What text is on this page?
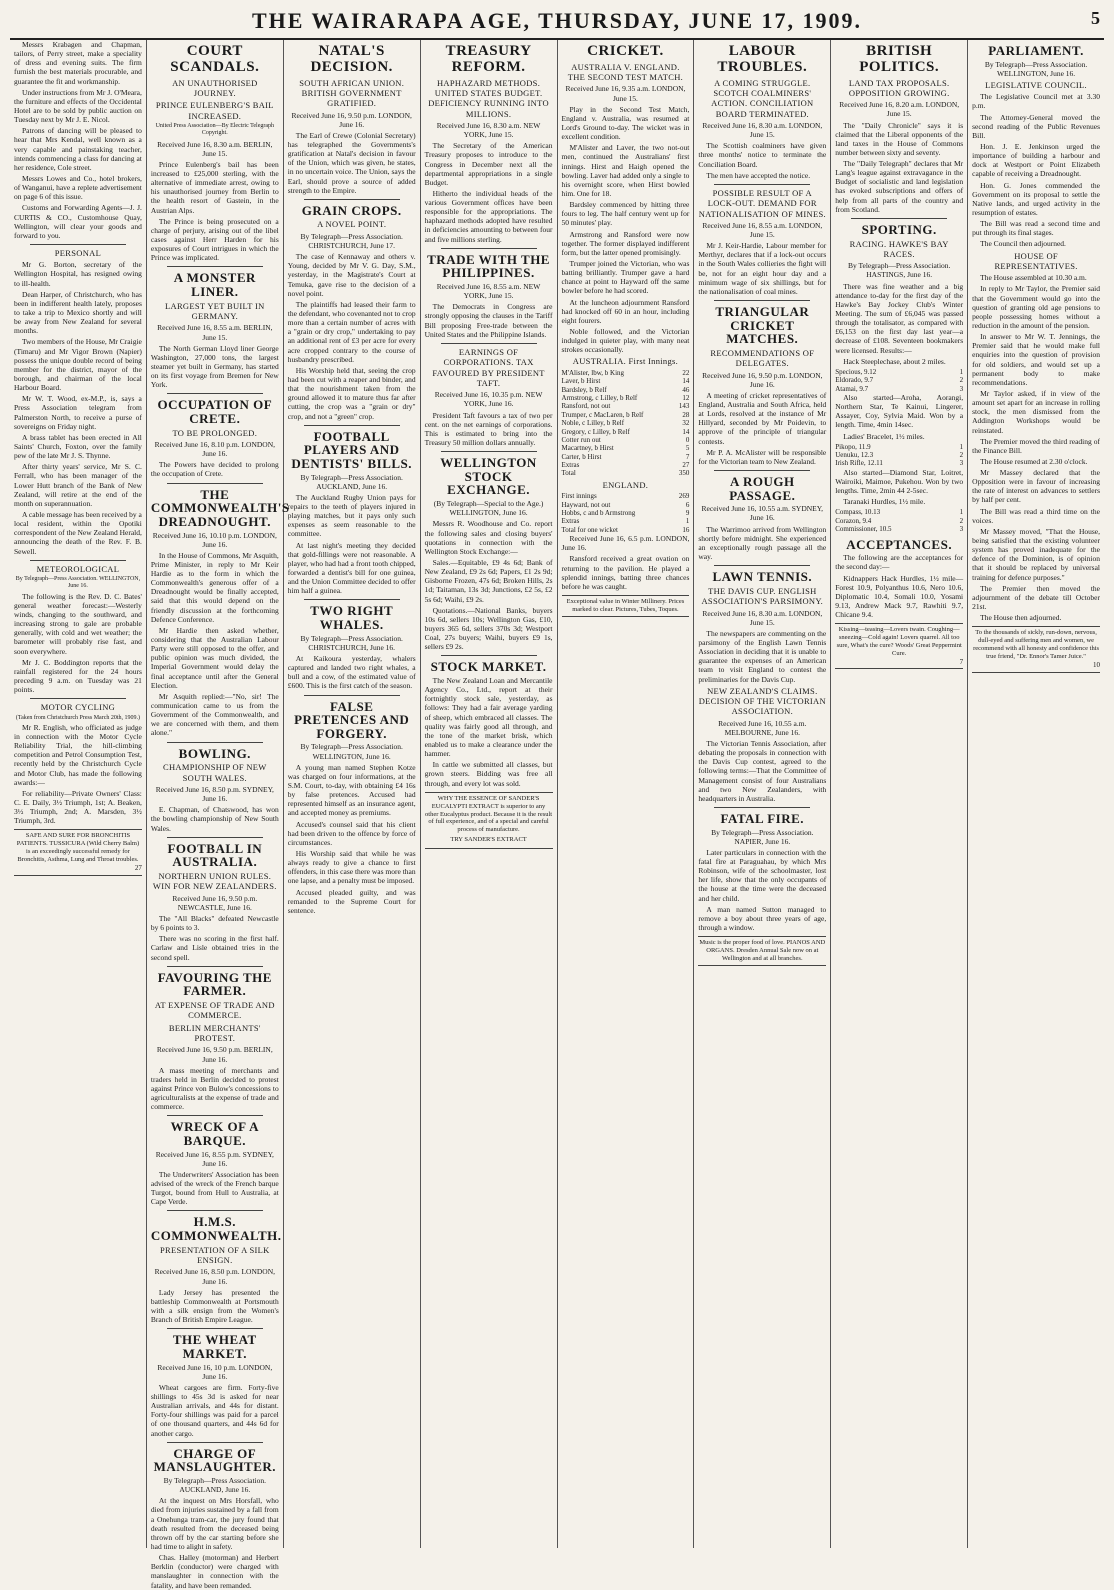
THE WAIRARAPA AGE, THURSDAY, JUNE 17, 1909.	5

Messrs Krabagen and Chapman, tailors, of Perry street, make a speciality of dress and evening suits. The firm furnish the best materials procurable, and guarantee the fit and workmanship.

Under instructions from Mr J. O'Meara, the furniture and effects of the Occidental Hotel are to be sold by public auction on Tuesday next by Mr J. E. Nicol.

Patrons of dancing will be pleased to hear that Mrs Kendal, well known as a very capable and painstaking teacher, intends commencing a class for dancing at her residence, Cole street.

Messrs Lowes and Co., hotel brokers, of Wanganui, have a replete advertisement on page 6 of this issue.

Customs and Forwarding Agents—J. J. CURTIS & CO., Customhouse Quay, Wellington, will clear your goods and forward to you.

PERSONAL

Mr G. Borton, secretary of the Wellington Hospital, has resigned owing to ill-health.

Dean Harper, of Christchurch, who has been in indifferent health lately, proposes to take a trip to Mexico shortly and will be away from New Zealand for several months.

Two members of the House, Mr Craigie (Timaru) and Mr Vigor Brown (Napier) possess the unique double record of being member for the district, mayor of the borough, and chairman of the local Harbour Board.

Mr W. T. Wood, ex-M.P., is, says a Press Association telegram from Palmerston North, to receive a purse of sovereigns on Friday night.

A brass tablet has been erected in All Saints' Church, Foxton, over the family pew of the late Mr J. S. Thynne.

After thirty years' service, Mr S. C. Ferrall, who has been manager of the Lower Hutt branch of the Bank of New Zealand, will retire at the end of the month on superannuation.

A cable message has been received by a local resident, within the Opotiki correspondent of the New Zealand Herald, announcing the death of the Rev. F. B. Sewell.

METEOROLOGICAL
By Telegraph—Press Association. WELLINGTON, June 16.

The following is the Rev. D. C. Bates' general weather forecast:—Westerly winds, changing to the southward, and increasing strong to gale are probable generally, with cold and wet weather; the barometer will probably rise fast, and soon everywhere.

Mr J. C. Boddington reports that the rainfall registered for the 24 hours preceding 9 a.m. on Tuesday was 21 points.

MOTOR CYCLING
(Taken from Christchurch Press March 20th, 1909.)

Mr R. English, who officiated as judge in connection with the Motor Cycle Reliability Trial, the hill-climbing competition and Petrol Consumption Test, recently held by the Christchurch Cycle and Motor Club, has made the following awards:—

For reliability—Private Owners' Class: C. E. Daily, 3½ Triumph, 1st; A. Beaken, 3½ Triumph, 2nd; A. Marsden, 3½ Triumph, 3rd.

SAFE AND SURE FOR BRONCHITIS PATIENTS. TUSSICURA (Wild Cherry Balm) is an exceedingly successful remedy for Bronchitis, Asthma, Lung and Throat troubles.
27
COURT SCANDALS.
AN UNAUTHORISED JOURNEY.
PRINCE EULENBERG'S BAIL INCREASED.
United Press Association—By Electric Telegraph Copyright.
Received June 16, 8.30 a.m. BERLIN, June 15.

Prince Eulenberg's bail has been increased to £25,000 sterling, with the alternative of immediate arrest, owing to his unauthorised journey from Berlin to the health resort of Gastein, in the Austrian Alps.

The Prince is being prosecuted on a charge of perjury, arising out of the libel cases against Herr Harden for his exposures of Court intrigues in which the Prince was implicated.

A MONSTER LINER.
LARGEST YET BUILT IN GERMANY.
Received June 16, 8.55 a.m. BERLIN, June 15.

The North German Lloyd liner George Washington, 27,000 tons, the largest steamer yet built in Germany, has started on its first voyage from Bremen for New York.

OCCUPATION OF CRETE.
TO BE PROLONGED.
Received June 16, 8.10 p.m. LONDON, June 16.

The Powers have decided to prolong the occupation of Crete.

THE COMMONWEALTH'S DREADNOUGHT.
Received June 16, 10.10 p.m. LONDON, June 16.

In the House of Commons, Mr Asquith, Prime Minister, in reply to Mr Keir Hardie as to the form in which the Commonwealth's generous offer of a Dreadnought would be finally accepted, said that this would depend on the friendly discussion at the forthcoming Defence Conference.

Mr Hardie then asked whether, considering that the Australian Labour Party were still opposed to the offer, and public opinion was much divided, the Imperial Government would delay the final acceptance until after the General Election.

Mr Asquith replied:—"No, sir! The communication came to us from the Government of the Commonwealth, and we are concerned with them, and them alone."

BOWLING.
CHAMPIONSHIP OF NEW SOUTH WALES.
Received June 16, 8.50 p.m. SYDNEY, June 16.

E. Chapman, of Chatswood, has won the bowling championship of New South Wales.

FOOTBALL IN AUSTRALIA.
NORTHERN UNION RULES. WIN FOR NEW ZEALANDERS.
Received June 16, 9.50 p.m. NEWCASTLE, June 16.

The "All Blacks" defeated Newcastle by 6 points to 3.

There was no scoring in the first half. Carlaw and Lisle obtained tries in the second spell.

FAVOURING THE FARMER.
AT EXPENSE OF TRADE AND COMMERCE.
BERLIN MERCHANTS' PROTEST.
Received June 16, 9.50 p.m. BERLIN, June 16.

A mass meeting of merchants and traders held in Berlin decided to protest against Prince von Bulow's concessions to agriculturalists at the expense of trade and commerce.

WRECK OF A BARQUE.
Received June 16, 8.55 p.m. SYDNEY, June 16.

The Underwriters' Association has been advised of the wreck of the French barque Turgot, bound from Hull to Australia, at Cape Verde.

H.M.S. COMMONWEALTH.
PRESENTATION OF A SILK ENSIGN.
Received June 16, 8.50 p.m. LONDON, June 16.

Lady Jersey has presented the battleship Commonwealth at Portsmouth with a silk ensign from the Women's Branch of British Empire League.

THE WHEAT MARKET.
Received June 16, 10 p.m. LONDON, June 16.

Wheat cargoes are firm. Forty-five shillings to 45s 3d is asked for near Australian arrivals, and 44s for distant. Forty-four shillings was paid for a parcel of one thousand quarters, and 44s 6d for another cargo.

CHARGE OF MANSLAUGHTER.
By Telegraph—Press Association. AUCKLAND, June 16.

At the inquest on Mrs Horsfall, who died from injuries sustained by a fall from a Onehunga tram-car, the jury found that death resulted from the deceased being thrown off by the car starting before she had time to alight in safety.

Chas. Halley (motorman) and Herbert Berklin (conductor) were charged with manslaughter in connection with the fatality, and have been remanded.

NATAL'S DECISION.
SOUTH AFRICAN UNION. BRITISH GOVERNMENT GRATIFIED.
Received June 16, 9.50 p.m. LONDON, June 16.

The Earl of Crewe (Colonial Secretary) has telegraphed the Governments's gratification at Natal's decision in favour of the Union, which was given, he states, in no uncertain voice. The Union, says the Earl, should prove a source of added strength to the Empire.

GRAIN CROPS.
A NOVEL POINT.
By Telegraph—Press Association. CHRISTCHURCH, June 17.

The case of Kennaway and others v. Young, decided by Mr V. G. Day, S.M., yesterday, in the Magistrate's Court at Temuka, gave rise to the decision of a novel point.

The plaintiffs had leased their farm to the defendant, who covenanted not to crop more than a certain number of acres with a "grain or dry crop," undertaking to pay an additional rent of £3 per acre for every acre cropped contrary to the course of husbandry prescribed.

His Worship held that, seeing the crop had been cut with a reaper and binder, and that the nourishment taken from the ground allowed it to mature thus far after cutting, the crop was a "grain or dry" crop, and not a "green" crop.

FOOTBALL PLAYERS AND DENTISTS' BILLS.
By Telegraph—Press Association. AUCKLAND, June 16.

The Auckland Rugby Union pays for repairs to the teeth of players injured in playing matches, but it pays only such expenses as seem reasonable to the committee.

At last night's meeting they decided that gold-fillings were not reasonable. A player, who had had a front tooth chipped, forwarded a dentist's bill for one guinea, and the Union Committee decided to offer him half a guinea.

TWO RIGHT WHALES.
By Telegraph—Press Association. CHRISTCHURCH, June 16.

At Kaikoura yesterday, whalers captured and landed two right whales, a bull and a cow, of the estimated value of £600. This is the first catch of the season.

FALSE PRETENCES AND FORGERY.
By Telegraph—Press Association. WELLINGTON, June 16.

A young man named Stephen Kotze was charged on four informations, at the S.M. Court, to-day, with obtaining £4 16s by false pretences. Accused had represented himself as an insurance agent, and accepted money as premiums.

Accused's counsel said that his client had been driven to the offence by force of circumstances.

His Worship said that while he was always ready to give a chance to first offenders, in this case there was more than one lapse, and a penalty must be imposed.

Accused pleaded guilty, and was remanded to the Supreme Court for sentence.

TREASURY REFORM.
HAPHAZARD METHODS. UNITED STATES BUDGET. DEFICIENCY RUNNING INTO MILLIONS.
Received June 16, 8.30 a.m. NEW YORK, June 15.

The Secretary of the American Treasury proposes to introduce to the Congress in December next all the departmental appropriations in a single Budget.

Hitherto the individual heads of the various Government offices have been responsible for the appropriations. The haphazard methods adopted have resulted in deficiencies amounting to between four and five millions sterling.

TRADE WITH THE PHILIPPINES.
Received June 16, 8.55 a.m. NEW YORK, June 15.

The Democrats in Congress are strongly opposing the clauses in the Tariff Bill proposing Free-trade between the United States and the Philippine Islands.

EARNINGS OF CORPORATIONS. TAX FAVOURED BY PRESIDENT TAFT.
Received June 16, 10.35 p.m. NEW YORK, June 16.

President Taft favours a tax of two per cent. on the net earnings of corporations. This is estimated to bring into the Treasury 50 million dollars annually.

WELLINGTON STOCK EXCHANGE.
(By Telegraph—Special to the Age.) WELLINGTON, June 16.

Messrs R. Woodhouse and Co. report the following sales and closing buyers' quotations in connection with the Wellington Stock Exchange:—

Sales.—Equitable, £9 4s 6d; Bank of New Zealand, £9 2s 6d; Papers, £1 2s 9d; Gisborne Frozen, 47s 6d; Broken Hills, 2s 1d; Taitaman, 13s 3d; Junctions, £2 5s, £2 5s 6d; Waihi, £9 2s.

Quotations.—National Banks, buyers 10s 6d, sellers 10s; Wellington Gas, £10, buyers 365 6d, sellers 370s 3d; Westport Coal, 27s buyers; Waihi, buyers £9 1s, sellers £9 2s.

STOCK MARKET.

The New Zealand Loan and Mercantile Agency Co., Ltd., report at their fortnightly stock sale, yesterday, as follows: They had a fair average yarding of sheep, which embraced all classes. The quality was fairly good all through, and the tone of the market brisk, which enabled us to make a clearance under the hammer.

In cattle we submitted all classes, but grown steers. Bidding was free all through, and every lot was sold.

WHY THE ESSENCE OF SANDER'S EUCALYPTI EXTRACT is superior to any other Eucalyptus product. Because it is the result of full experience, and of a special and careful process of manufacture.
TRY SANDER'S EXTRACT
CRICKET.
AUSTRALIA V. ENGLAND. THE SECOND TEST MATCH.
Received June 16, 9.35 a.m. LONDON, June 15.

Play in the Second Test Match, England v. Australia, was resumed at Lord's Ground to-day. The wicket was in excellent condition.

M'Alister and Laver, the two not-out men, continued the Australians' first innings. Hirst and Haigh opened the bowling. Laver had added only a single to his overnight score, when Hirst bowled him. One for 18.

Bardsley commenced by hitting three fours to leg. The half century went up for 50 minutes' play.

Armstrong and Ransford were now together. The former displayed indifferent form, but the latter opened promisingly.

Trumper joined the Victorian, who was batting brilliantly. Trumper gave a hard chance at point to Hayward off the same bowler before he had scored.

At the luncheon adjournment Ransford had knocked off 60 in an hour, including eight fourers.

Noble followed, and the Victorian indulged in quieter play, with many neat strokes occasionally.

AUSTRALIA. First Innings.
M'Alister, lbw, b King	22
Laver, b Hirst	14
Bardsley, b Relf	46
Armstrong, c Lilley, b Relf	12
Ransford, not out	143
Trumper, c MacLaren, b Relf	28
Noble, c Lilley, b Relf	32
Gregory, c Lilley, b Relf	14
Cotter run out	0
Macartney, b Hirst	5
Carter, b Hirst	7
Extras	27
Total	350
ENGLAND.
First innings	269
Hayward, not out	6
Hobbs, c and b Armstrong	9
Extras	1
Total for one wicket	16

Received June 16, 6.5 p.m. LONDON, June 16.

Ransford received a great ovation on returning to the pavilion. He played a splendid innings, batting three chances before he was caught.

Exceptional value in Winter Millinery. Prices marked to clear. Pictures, Tubes, Toques.
LABOUR TROUBLES.
A COMING STRUGGLE. SCOTCH COALMINERS' ACTION. CONCILIATION BOARD TERMINATED.
Received June 16, 8.30 a.m. LONDON, June 15.

The Scottish coalminers have given three months' notice to terminate the Conciliation Board.

The men have accepted the notice.

POSSIBLE RESULT OF A LOCK-OUT. DEMAND FOR NATIONALISATION OF MINES.
Received June 16, 8.55 a.m. LONDON, June 15.

Mr J. Keir-Hardie, Labour member for Merthyr, declares that if a lock-out occurs in the South Wales collieries the fight will be, not for an eight hour day and a minimum wage of six shillings, but for the nationalisation of coal mines.

TRIANGULAR CRICKET MATCHES.
RECOMMENDATIONS OF DELEGATES.
Received June 16, 9.50 p.m. LONDON, June 16.

A meeting of cricket representatives of England, Australia and South Africa, held at Lords, resolved at the instance of Mr Hillyard, seconded by Mr Poidevin, to approve of the principle of triangular contests.

Mr P. A. McAlister will be responsible for the Victorian team to New Zealand.

A ROUGH PASSAGE.
Received June 16, 10.55 a.m. SYDNEY, June 16.

The Warrimoo arrived from Wellington shortly before midnight. She experienced an exceptionally rough passage all the way.

LAWN TENNIS.
THE DAVIS CUP. ENGLISH ASSOCIATION'S PARSIMONY.
Received June 16, 8.30 a.m. LONDON, June 15.

The newspapers are commenting on the parsimony of the English Lawn Tennis Association in deciding that it is unable to guarantee the expenses of an American team to visit England to contest the preliminaries for the Davis Cup.

NEW ZEALAND'S CLAIMS. DECISION OF THE VICTORIAN ASSOCIATION.
Received June 16, 10.55 a.m. MELBOURNE, June 16.

The Victorian Tennis Association, after debating the proposals in connection with the Davis Cup contest, agreed to the following terms:—That the Committee of Management consist of four Australians and two New Zealanders, with headquarters in Australia.

FATAL FIRE.
By Telegraph—Press Association. NAPIER, June 16.

Later particulars in connection with the fatal fire at Paraguahau, by which Mrs Robinson, wife of the schoolmaster, lost her life, show that the only occupants of the house at the time were the deceased and her child.

A man named Sutton managed to remove a boy about three years of age, through a window.

Music is the proper food of love. PIANOS AND ORGANS. Dresden Annual Sale now on at Wellington and at all branches.
BRITISH POLITICS.
LAND TAX PROPOSALS. OPPOSITION GROWING.
Received June 16, 8.20 a.m. LONDON, June 15.

The "Daily Chronicle" says it is claimed that the Liberal opponents of the land taxes in the House of Commons number between sixty and seventy.

The "Daily Telegraph" declares that Mr Lang's league against extravagance in the Budget of socialistic and land legislation has evoked subscriptions and offers of help from all parts of the country and from Scotland.

SPORTING.
RACING. HAWKE'S BAY RACES.
By Telegraph—Press Association. HASTINGS, June 16.

There was fine weather and a big attendance to-day for the first day of the Hawke's Bay Jockey Club's Winter Meeting. The sum of £6,045 was passed through the totalisator, as compared with £6,153 on the first day last year—a decrease of £108. Seventeen bookmakers were licensed. Results:—

Hack Steeplechase, about 2 miles.

Specious, 9.12	1
Eldorado, 9.7	2
Atamai, 9.7	3

Also started—Aroha, Aorangi, Northern Star, Te Kainui, Lingerer, Assayer, Coy, Sylvia Maid. Won by a length. Time, 4min 14sec.

Ladies' Bracelet, 1½ miles.

Pikopo, 11.9	1
Uenuku, 12.3	2
Irish Rifle, 12.11	3

Also started—Diamond Star, Loitret, Wairoiki, Maimoe, Pukehou. Won by two lengths. Time, 2min 44 2-5sec.

Taranaki Hurdles, 1½ mile.

Compass, 10.13	1
Corazon, 9.4	2
Commissioner, 10.5	3
ACCEPTANCES.

The following are the acceptances for the second day:—

Kidnappers Hack Hurdles, 1½ mile—Forest 10.9, Polyanthus 10.6, Nero 10.6, Diplomatic 10.4, Somali 10.0, Yosami 9.13, Andrew Mack 9.7, Rawhiti 9.7, Chicane 9.4.

Kissing—teasing—Lovers twain. Coughing—sneezing—Cold again! Lovers quarrel. All too sure, What's the cure? Woods' Great Peppermint Cure.
7
PARLIAMENT.
By Telegraph—Press Association. WELLINGTON, June 16.
LEGISLATIVE COUNCIL.

The Legislative Council met at 3.30 p.m.

The Attorney-General moved the second reading of the Public Revenues Bill.

Hon. J. E. Jenkinson urged the importance of building a harbour and dock at Westport or Point Elizabeth capable of receiving a Dreadnought.

Hon. G. Jones commended the Government on its proposal to settle the Native lands, and urged activity in the resumption of estates.

The Bill was read a second time and put through its final stages.

The Council then adjourned.

HOUSE OF REPRESENTATIVES.

The House assembled at 10.30 a.m.

In reply to Mr Taylor, the Premier said that the Government would go into the question of granting old age pensions to people possessing homes without a reduction in the amount of the pension.

In answer to Mr W. T. Jennings, the Premier said that he would make full enquiries into the question of provision for old soldiers, and would set up a permanent body to make recommendations.

Mr Taylor asked, if in view of the amount set apart for an increase in rolling stock, the men dismissed from the Addington Workshops would be reinstated.

The Premier moved the third reading of the Finance Bill.

The House resumed at 2.30 o'clock.

Mr Massey declared that the Opposition were in favour of increasing the rate of interest on advances to settlers by half per cent.

The Bill was read a third time on the voices.

Mr Massey moved, "That the House, being satisfied that the existing volunteer system has proved inadequate for the defence of the Dominion, is of opinion that it should be replaced by universal training for defence purposes."

The Premier then moved the adjournment of the debate till October 21st.

The House then adjourned.

To the thousands of sickly, run-down, nervous, dull-eyed and suffering men and women, we recommend with all honesty and confidence this true friend, "Dr. Ennor's Tamer Juice."
10
